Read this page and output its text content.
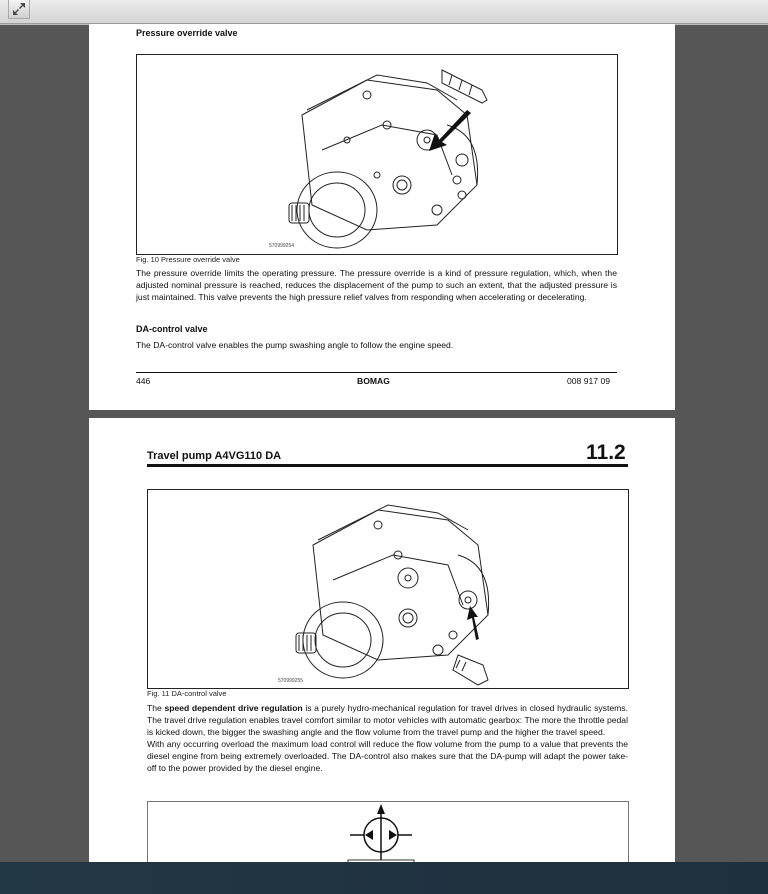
Pressure override valve
570999254
Fig. 10 Pressure override valve

The pressure override limits the operating pressure. The pressure override is a kind of pressure regulation, which, when the adjusted nominal pressure is reached, reduces the displacement of the pump to such an extent, that the adjusted pressure is just maintained. This valve prevents the high pressure relief valves from responding when accelerating or decelerating.

DA-control valve

The DA-control valve enables the pump swashing angle to follow the engine speed.

446	BOMAG	008 917 09
Travel pump A4VG110 DA	11.2
570999255
Fig. 11 DA-control valve

The speed dependent drive regulation is a purely hydro-mechanical regulation for travel drives in closed hydraulic systems. The travel drive regulation enables travel comfort similar to motor vehicles with automatic gearbox: The more the throttle pedal is kicked down, the bigger the swashing angle and the flow volume from the travel pump and the higher the travel speed.

With any occurring overload the maximum load control will reduce the flow volume from the pump to a value that prevents the diesel engine from being extremely overloaded. The DA-control also makes sure that the DA-pump will adapt the power take-off to the power provided by the diesel engine.
